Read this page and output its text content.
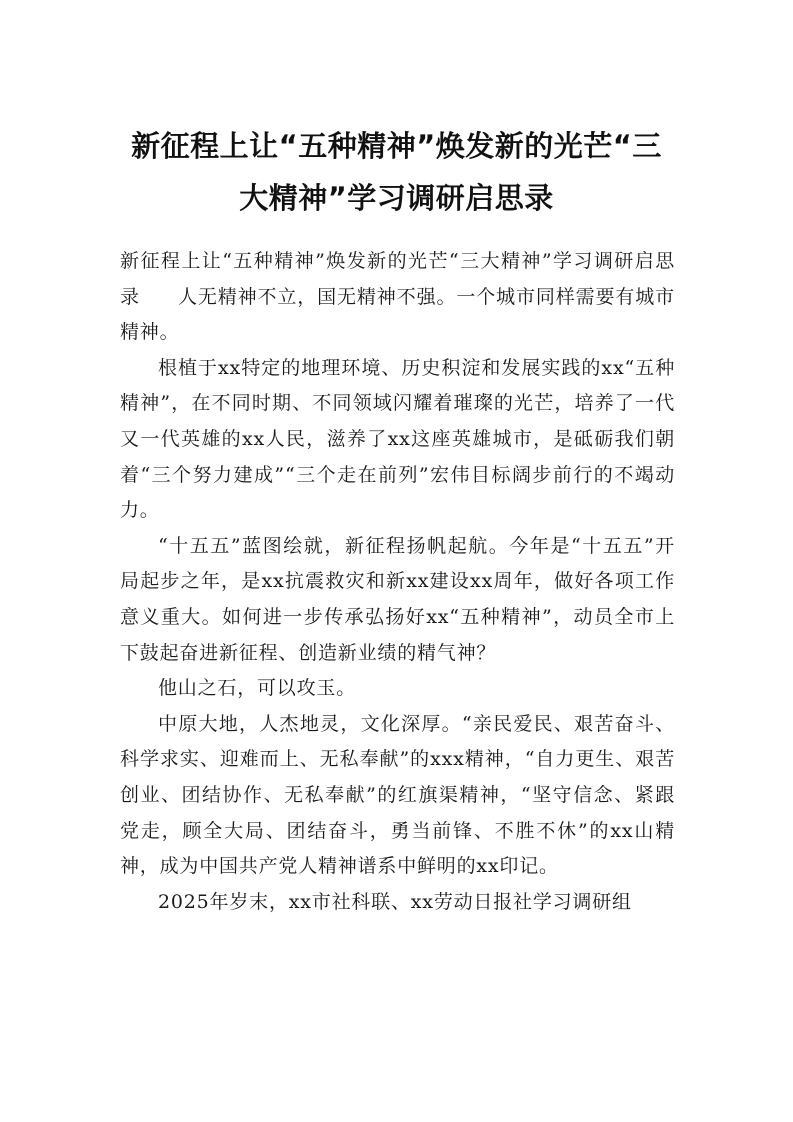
新征程上让“五种精神”焕发新的光芒“三
大精神”学习调研启思录

新征程上让“五种精神”焕发新的光芒“三大精神”学习调研启思录 人无精神不立，国无精神不强。一个城市同样需要有城市精神。

根植于xx特定的地理环境、历史积淀和发展实践的xx“五种精神”，在不同时期、不同领域闪耀着璀璨的光芒，培养了一代又一代英雄的xx人民，滋养了xx这座英雄城市，是砥砺我们朝着“三个努力建成”“三个走在前列”宏伟目标阔步前行的不竭动力。

“十五五”蓝图绘就，新征程扬帆起航。今年是“十五五”开局起步之年，是xx抗震救灾和新xx建设xx周年，做好各项工作意义重大。如何进一步传承弘扬好xx“五种精神”，动员全市上下鼓起奋进新征程、创造新业绩的精气神？

他山之石，可以攻玉。

中原大地，人杰地灵，文化深厚。“亲民爱民、艰苦奋斗、科学求实、迎难而上、无私奉献”的xxx精神，“自力更生、艰苦创业、团结协作、无私奉献”的红旗渠精神，“坚守信念、紧跟党走，顾全大局、团结奋斗，勇当前锋、不胜不休”的xx山精神，成为中国共产党人精神谱系中鲜明的xx印记。

2025年岁末，xx市社科联、xx劳动日报社学习调研组
